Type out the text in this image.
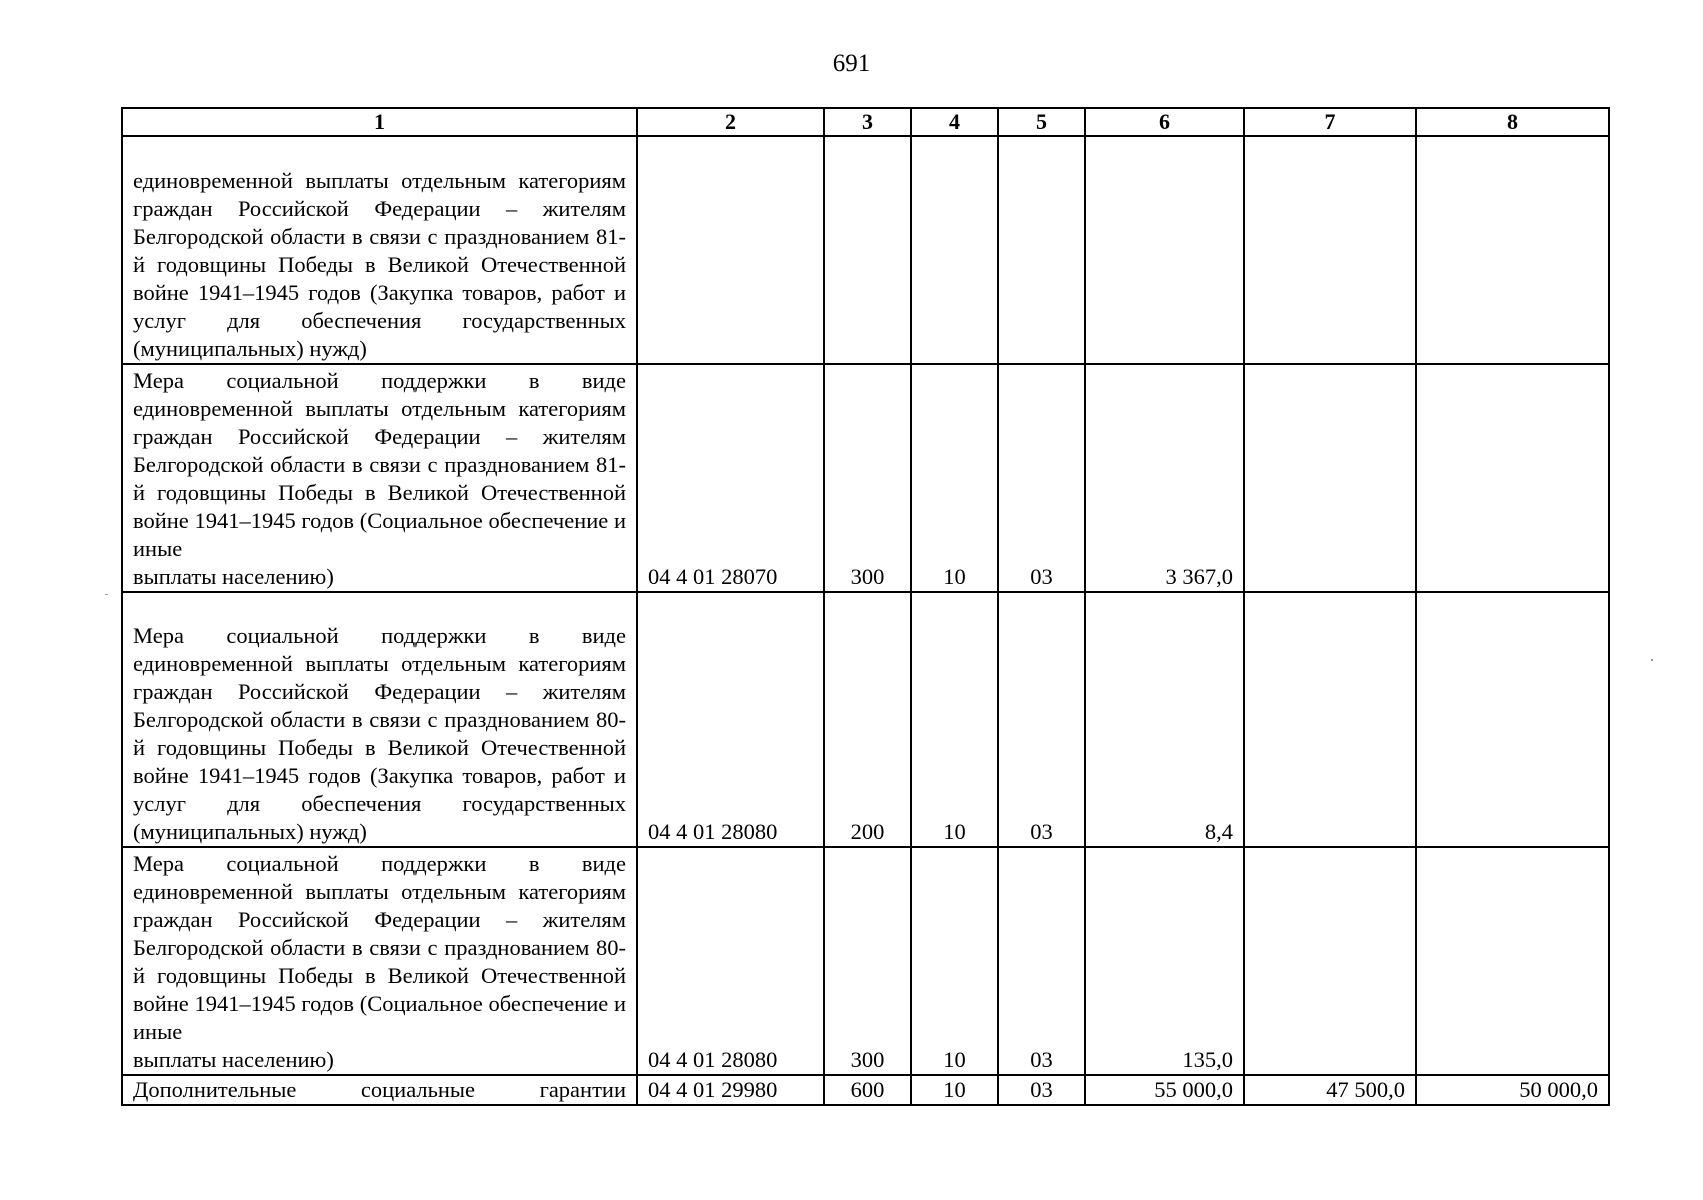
691
1	2	3	4	5	6	7	8
единовременной выплаты отдельным категориям граждан Российской Федерации – жителям Белгородской области в связи с празднованием 81-й годовщины Победы в Великой Отечественной войне 1941–1945 годов (Закупка товаров, работ и услуг для обеспечения государственных
(муниципальных) нужд)							

Мера социальной поддержки в виде единовременной выплаты отдельным категориям граждан Российской Федерации – жителям Белгородской области в связи с празднованием 81-й годовщины Победы в Великой Отечественной войне 1941–1945 годов (Социальное обеспечение и иные
выплаты населению)	04 4 01 28070	300	10	03	3 367,0		
Мера социальной поддержки в виде единовременной выплаты отдельным категориям граждан Российской Федерации – жителям Белгородской области в связи с празднованием 80-й годовщины Победы в Великой Отечественной войне 1941–1945 годов (Закупка товаров, работ и услуг для обеспечения государственных
(муниципальных) нужд)	04 4 01 28080	200	10	03	8,4		
Мера социальной поддержки в виде единовременной выплаты отдельным категориям граждан Российской Федерации – жителям Белгородской области в связи с празднованием 80-й годовщины Победы в Великой Отечественной войне 1941–1945 годов (Социальное обеспечение и иные
выплаты населению)	04 4 01 28080	300	10	03	135,0		
Дополнительные социальные гарантии	04 4 01 29980	600	10	03	55 000,0	47 500,0	50 000,0
